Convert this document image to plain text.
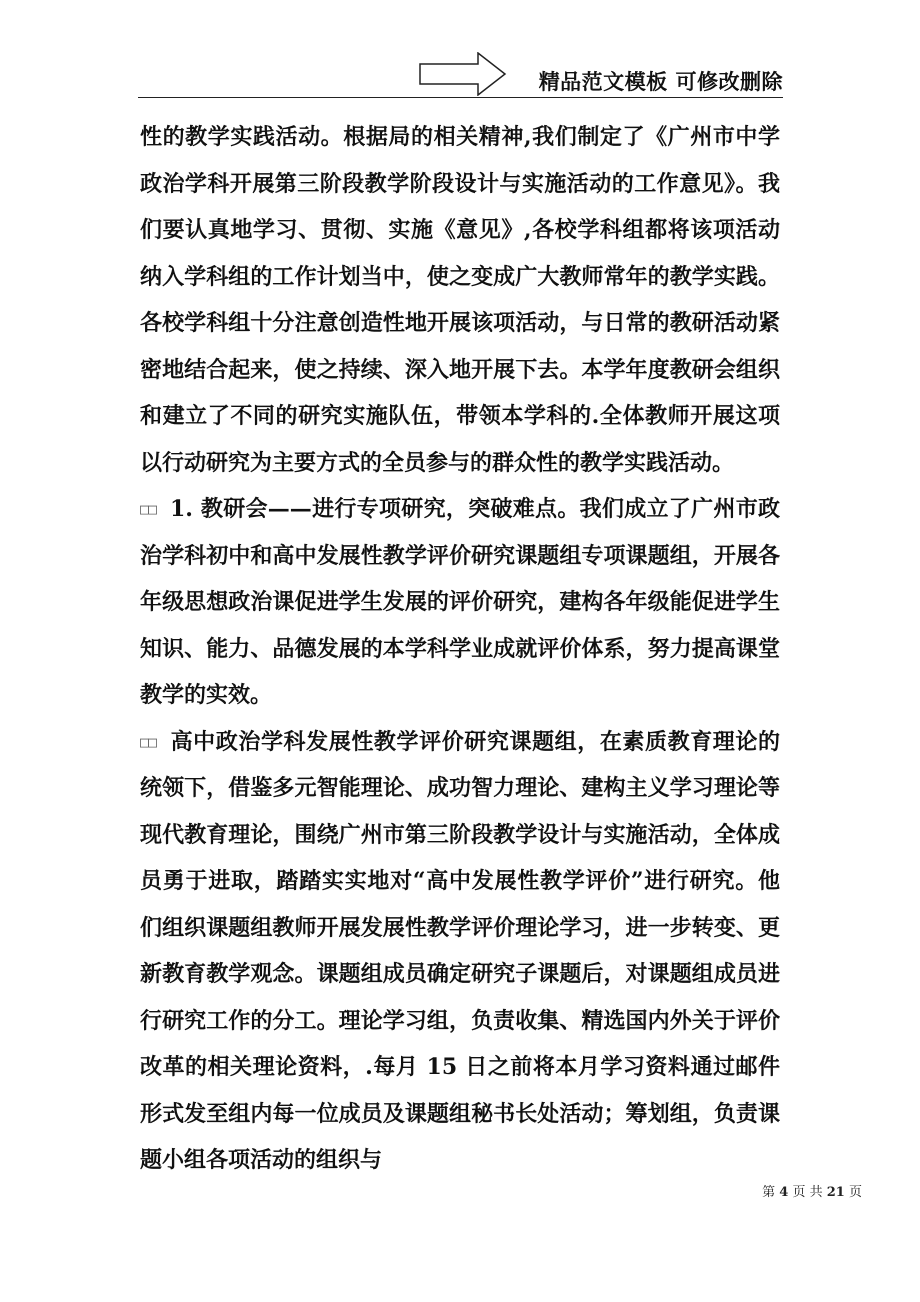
精品范文模板 可修改删除

性的教学实践活动。根据局的相关精神,我们制定了《广州市中学政治学科开展第三阶段教学阶段设计与实施活动的工作意见》。我们要认真地学习、贯彻、实施《意见》,各校学科组都将该项活动纳入学科组的工作计划当中，使之变成广大教师常年的教学实践。各校学科组十分注意创造性地开展该项活动，与日常的教研活动紧密地结合起来，使之持续、深入地开展下去。本学年度教研会组织和建立了不同的研究实施队伍，带领本学科的.全体教师开展这项以行动研究为主要方式的全员参与的群众性的教学实践活动。

□□ 1. 教研会——进行专项研究，突破难点。我们成立了广州市政治学科初中和高中发展性教学评价研究课题组专项课题组，开展各年级思想政治课促进学生发展的评价研究，建构各年级能促进学生知识、能力、品德发展的本学科学业成就评价体系，努力提高课堂教学的实效。

□□ 高中政治学科发展性教学评价研究课题组，在素质教育理论的统领下，借鉴多元智能理论、成功智力理论、建构主义学习理论等现代教育理论，围绕广州市第三阶段教学设计与实施活动，全体成员勇于进取，踏踏实实地对“高中发展性教学评价”进行研究。他们组织课题组教师开展发展性教学评价理论学习，进一步转变、更新教育教学观念。课题组成员确定研究子课题后，对课题组成员进行研究工作的分工。理论学习组，负责收集、精选国内外关于评价改革的相关理论资料，.每月 15 日之前将本月学习资料通过邮件形式发至组内每一位成员及课题组秘书长处活动；筹划组，负责课题小组各项活动的组织与

第 4 页 共 21 页
